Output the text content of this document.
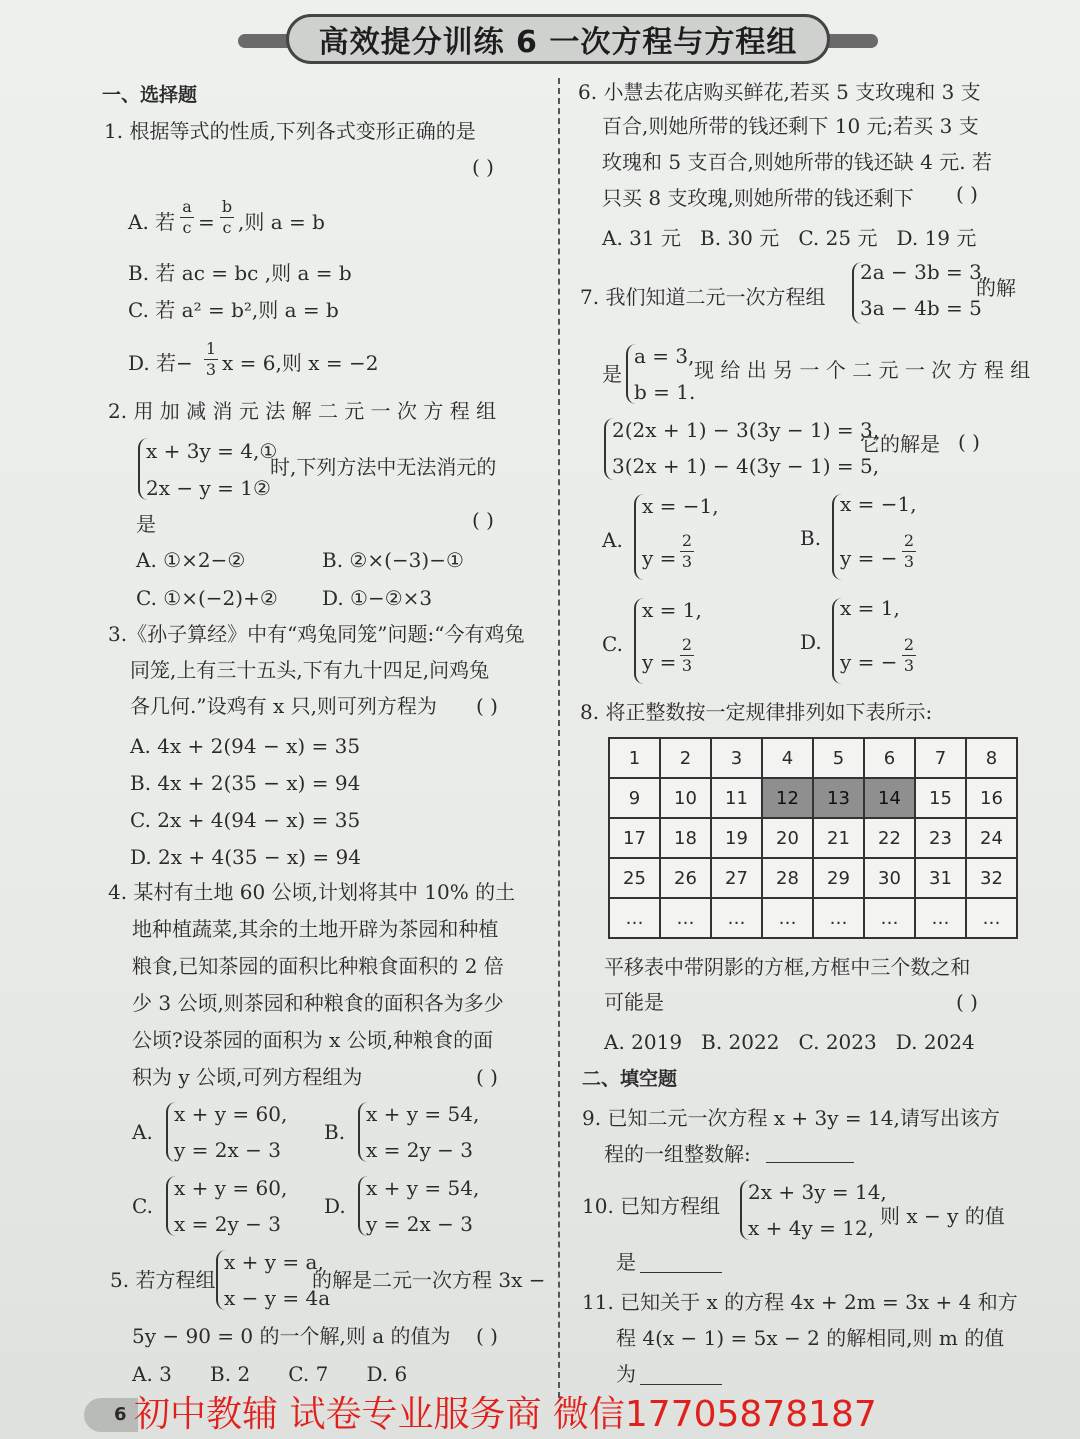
高效提分训练 6 一次方程与方程组
一、选择题
1. 根据等式的性质,下列各式变形正确的是
( )
A. 若
a
c =
b
c ,则 a = b
B. 若 ac = bc ,则 a = b
C. 若 a² = b²,则 a = b
D. 若−
1
3 x = 6,则 x = −2
2. 用 加 减 消 元 法 解 二 元 一 次 方 程 组
x + 3y = 4,①
2x − y = 1②
时,下列方法中无法消元的
是	( )
A. ①×2−②	B. ②×(−3)−①
C. ①×(−2)+② D. ①−②×3
3.《孙子算经》中有“鸡兔同笼”问题:“今有鸡兔
同笼,上有三十五头,下有九十四足,问鸡兔
各几何.”设鸡有 x 只,则可列方程为 ( )
A. 4x + 2(94 − x) = 35
B. 4x + 2(35 − x) = 94
C. 2x + 4(94 − x) = 35
D. 2x + 4(35 − x) = 94
4. 某村有土地 60 公顷,计划将其中 10% 的土
地种植蔬菜,其余的土地开辟为茶园和种植
粮食,已知茶园的面积比种粮食面积的 2 倍
少 3 公顷,则茶园和种粮食的面积各为多少
公顷?设茶园的面积为 x 公顷,种粮食的面
积为 y 公顷,可列方程组为	( )
A.
x + y = 60,
y = 2x − 3
B.
x + y = 54,
x = 2y − 3
C.
x + y = 60,
x = 2y − 3
D.
x + y = 54,
y = 2x − 3
5. 若方程组
x + y = a,
x − y = 4a
的解是二元一次方程 3x −
5y − 90 = 0 的一个解,则 a 的值为 ( )
A. 3      B. 2      C. 7      D. 6
6. 小慧去花店购买鲜花,若买 5 支玫瑰和 3 支
百合,则她所带的钱还剩下 10 元;若买 3 支
玫瑰和 5 支百合,则她所带的钱还缺 4 元. 若
只买 8 支玫瑰,则她所带的钱还剩下 ( )
A. 31 元   B. 30 元   C. 25 元   D. 19 元
7. 我们知道二元一次方程组
2a − 3b = 3,
3a − 4b = 5
的解
是
a = 3,
b = 1.
现 给 出 另 一 个 二 元 一 次 方 程 组
2(2x + 1) − 3(3y − 1) = 3,
3(2x + 1) − 4(3y − 1) = 5,
它的解是 ( )
A.
x = −1,
y =
2
3
B.
x = −1,
y = −
2
3
C.
x = 1,
y =
2
3
D.
x = 1,
y = −
2
3
8. 将正整数按一定规律排列如下表所示:
1	2	3	4	5	6	7	8
9	10	11	12	13	14	15	16
17	18	19	20	21	22	23	24
25	26	27	28	29	30	31	32
…	…	…	…	…	…	…	…
平移表中带阴影的方框,方框中三个数之和
可能是	( )
A. 2019   B. 2022   C. 2023   D. 2024
二、填空题
9. 已知二元一次方程 x + 3y = 14,请写出该方
程的一组整数解:
10. 已知方程组
2x + 3y = 14,
x + 4y = 12, 则 x − y 的值
是
11. 已知关于 x 的方程 4x + 2m = 3x + 4 和方
程 4(x − 1) = 5x − 2 的解相同,则 m 的值
为
6 初中教辅 试卷专业服务商 微信17705878187
